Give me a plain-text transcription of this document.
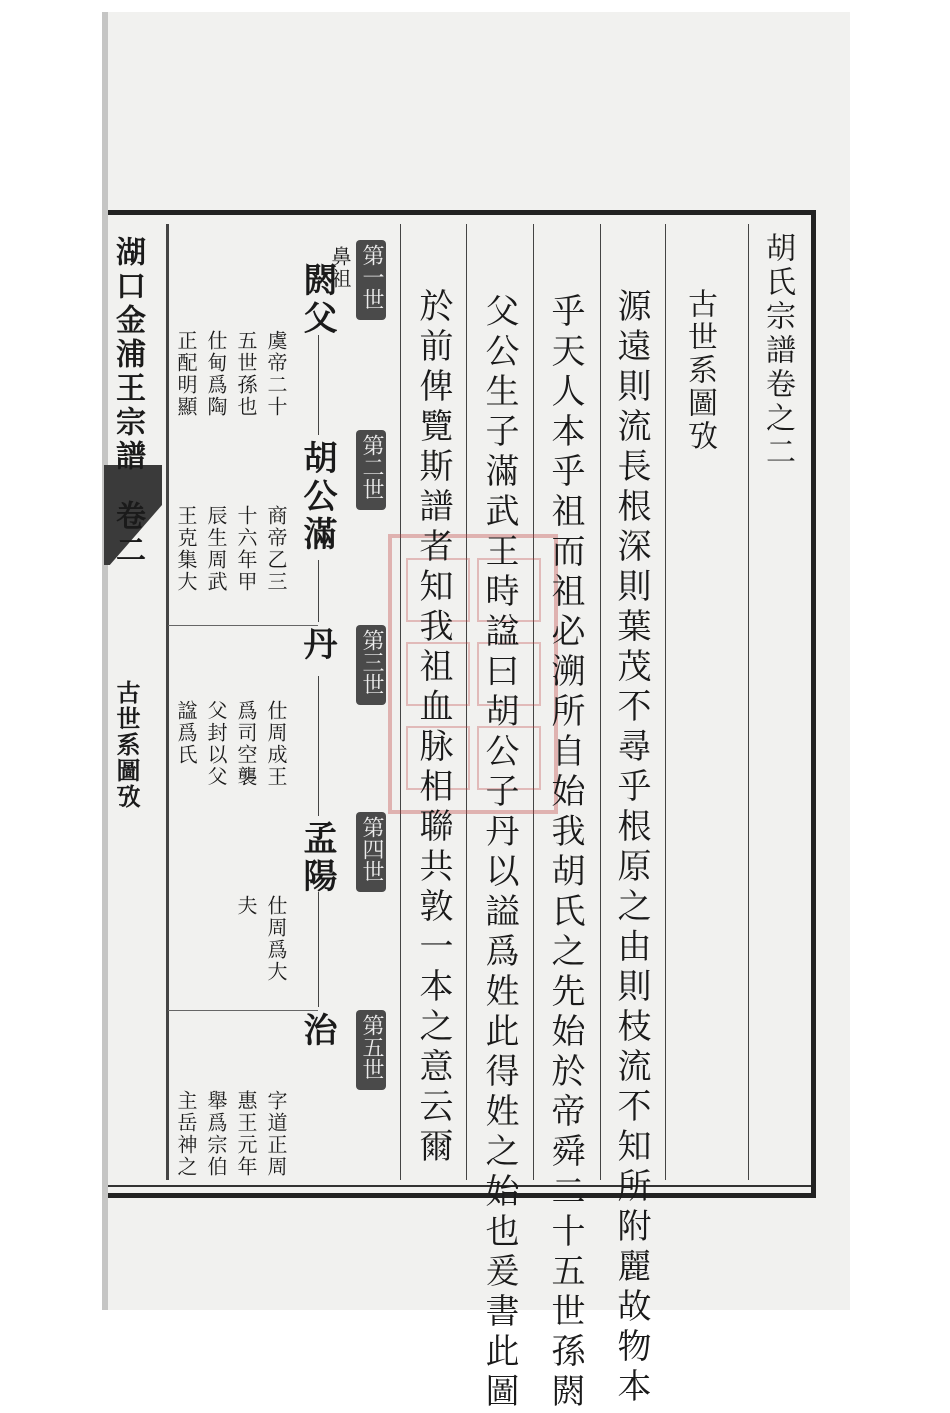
胡氏宗譜卷之二

古世系圖攷

源遠則流長根深則葉茂不尋乎根原之由則枝流不知所附麗故物本

乎天人本乎祖而祖必溯所自始我胡氏之先始於帝舜二十五世孫閼

父公生子滿武王時諡曰胡公子丹以謚爲姓此得姓之始也爰書此圖

於前俾覽斯譜者知我祖血脉相聯共敦一本之意云爾

第一世
第二世
第三世
第四世
第五世

鼻祖

閼父

胡公滿

丹

孟陽

治

虞帝二十

五世孫也

仕甸爲陶

正配明顯

商帝乙三

十六年甲

辰生周武

王克集大

仕周成王

爲司空襲

父封以父

諡爲氏

仕周爲大

夫

字道正周

惠王元年

舉爲宗伯

主岳神之

湖口金浦王宗譜

卷二

古世系圖攷
